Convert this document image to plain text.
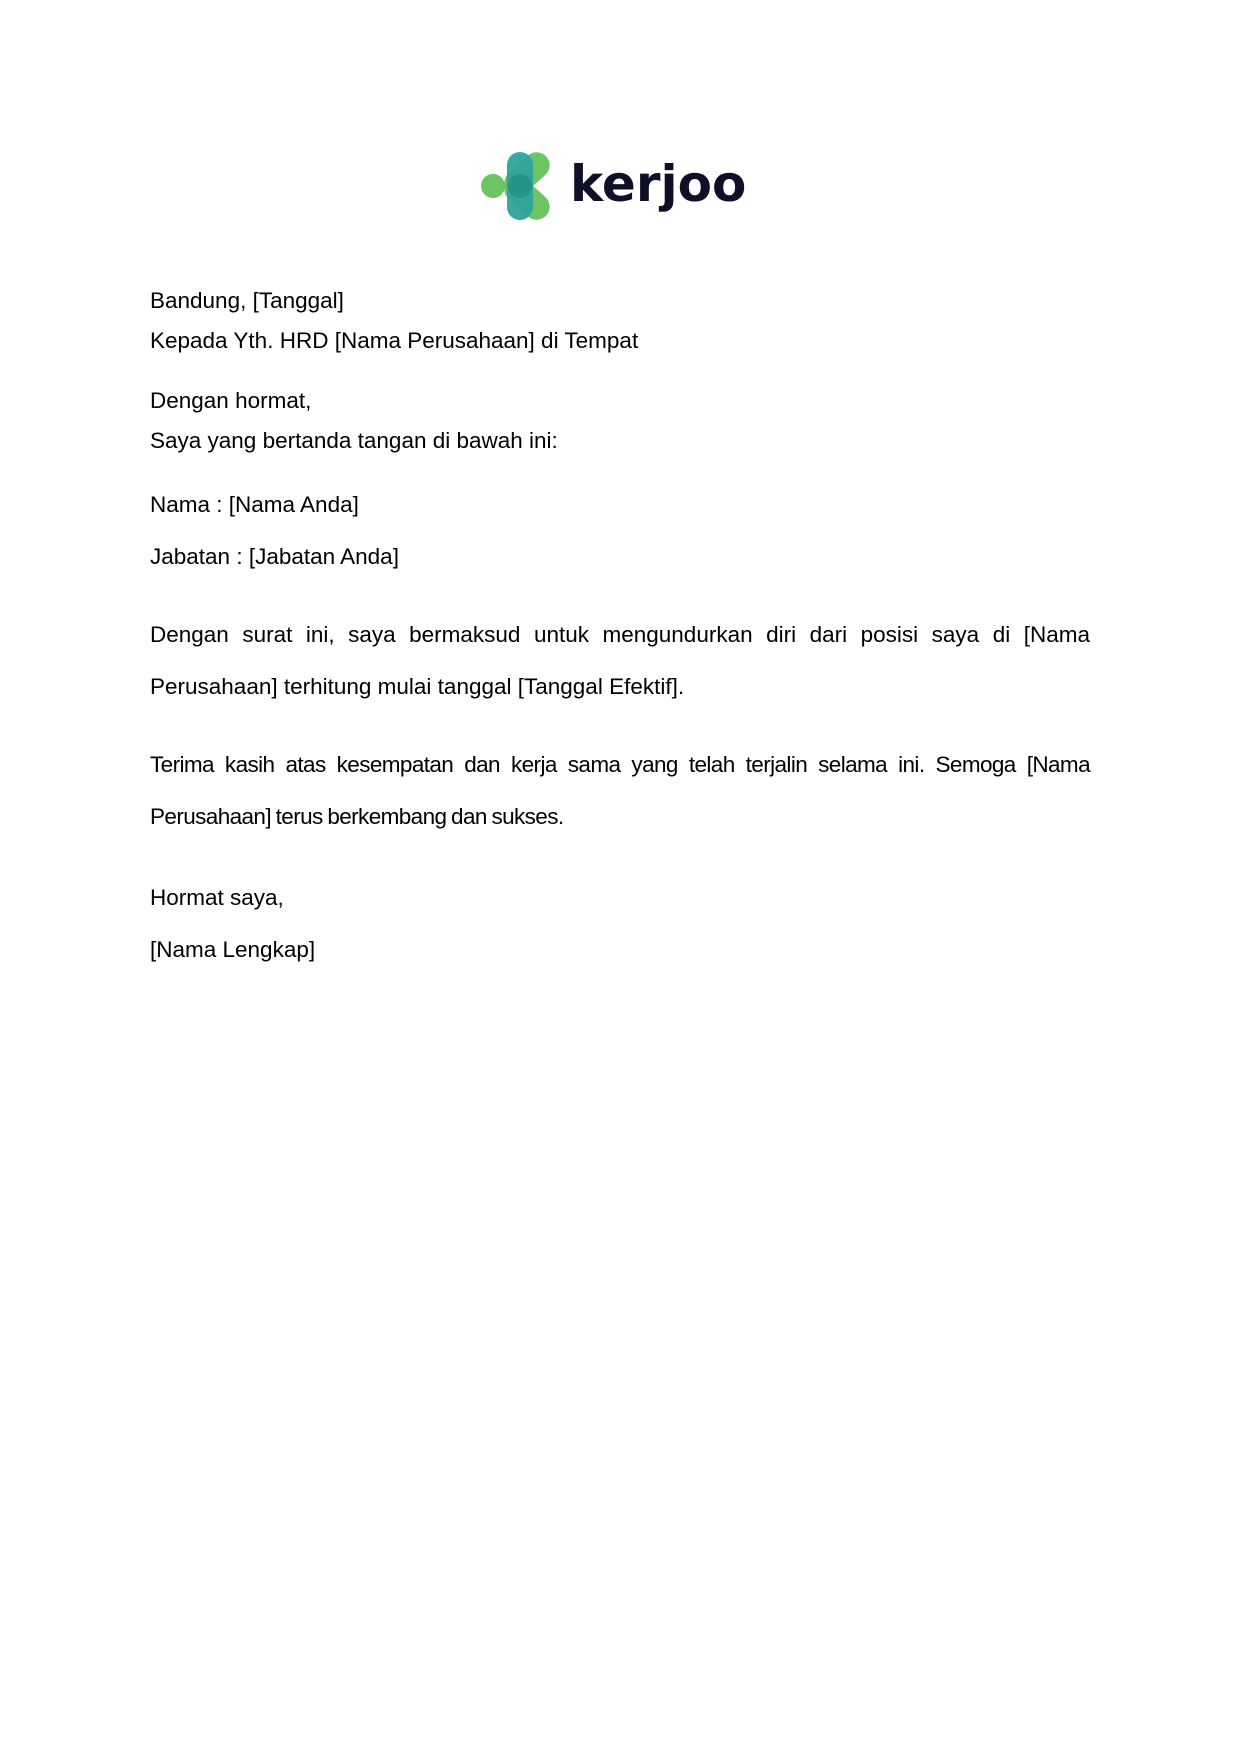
kerjoo
Bandung, [Tanggal]
Kepada Yth. HRD [Nama Perusahaan] di Tempat
Dengan hormat,
Saya yang bertanda tangan di bawah ini:
Nama : [Nama Anda]
Jabatan : [Jabatan Anda]
Dengan surat ini, saya bermaksud untuk mengundurkan diri dari posisi saya di [Nama Perusahaan] terhitung mulai tanggal [Tanggal Efektif].
Terima kasih atas kesempatan dan kerja sama yang telah terjalin selama ini. Semoga [Nama Perusahaan] terus berkembang dan sukses.
Hormat saya,
[Nama Lengkap]
